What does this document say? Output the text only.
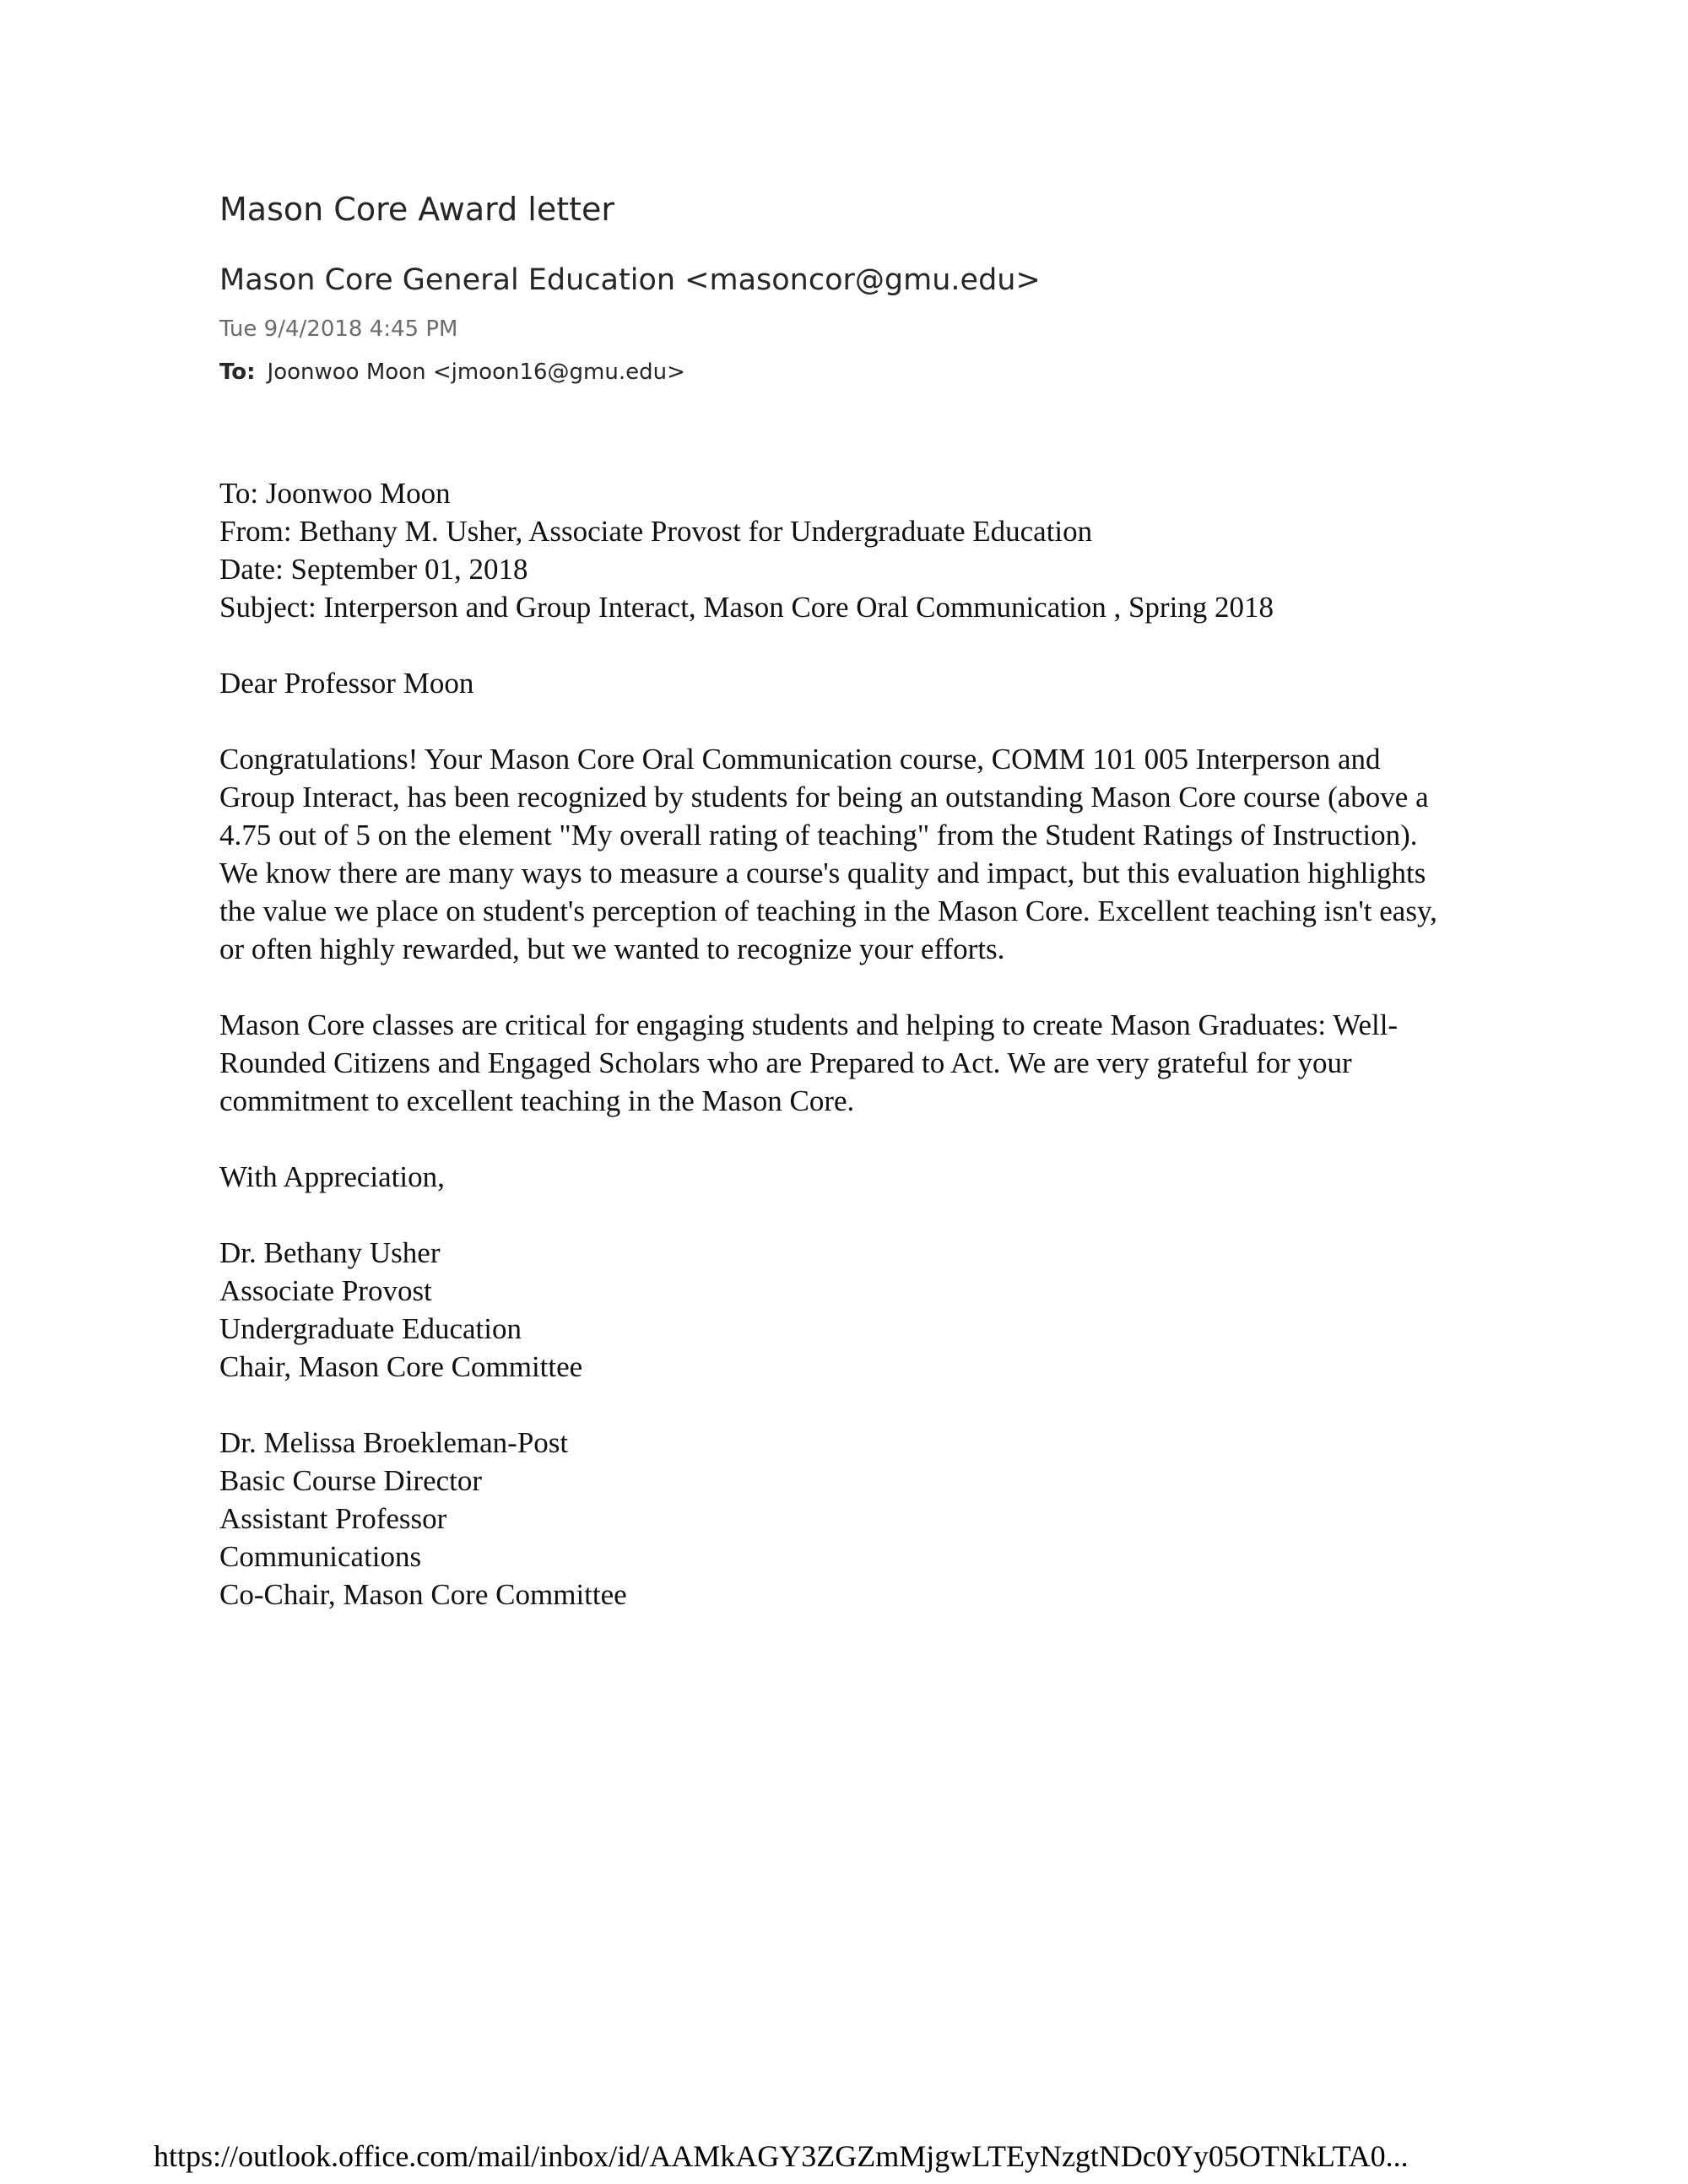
Mason Core Award letter
Mason Core General Education <masoncor@gmu.edu>
Tue 9/4/2018 4:45 PM
To: Joonwoo Moon <jmoon16@gmu.edu>
To: Joonwoo Moon
From: Bethany M. Usher, Associate Provost for Undergraduate Education
Date: September 01, 2018
Subject: Interperson and Group Interact, Mason Core Oral Communication , Spring 2018
Dear Professor Moon
Congratulations! Your Mason Core Oral Communication course, COMM 101 005 Interperson and
Group Interact, has been recognized by students for being an outstanding Mason Core course (above a
4.75 out of 5 on the element "My overall rating of teaching" from the Student Ratings of Instruction).
We know there are many ways to measure a course's quality and impact, but this evaluation highlights
the value we place on student's perception of teaching in the Mason Core. Excellent teaching isn't easy,
or often highly rewarded, but we wanted to recognize your efforts.
Mason Core classes are critical for engaging students and helping to create Mason Graduates: Well-
Rounded Citizens and Engaged Scholars who are Prepared to Act. We are very grateful for your
commitment to excellent teaching in the Mason Core.
With Appreciation,
Dr. Bethany Usher
Associate Provost
Undergraduate Education
Chair, Mason Core Committee
Dr. Melissa Broekleman-Post
Basic Course Director
Assistant Professor
Communications
Co-Chair, Mason Core Committee
https://outlook.office.com/mail/inbox/id/AAMkAGY3ZGZmMjgwLTEyNzgtNDc0Yy05OTNkLTA0...
